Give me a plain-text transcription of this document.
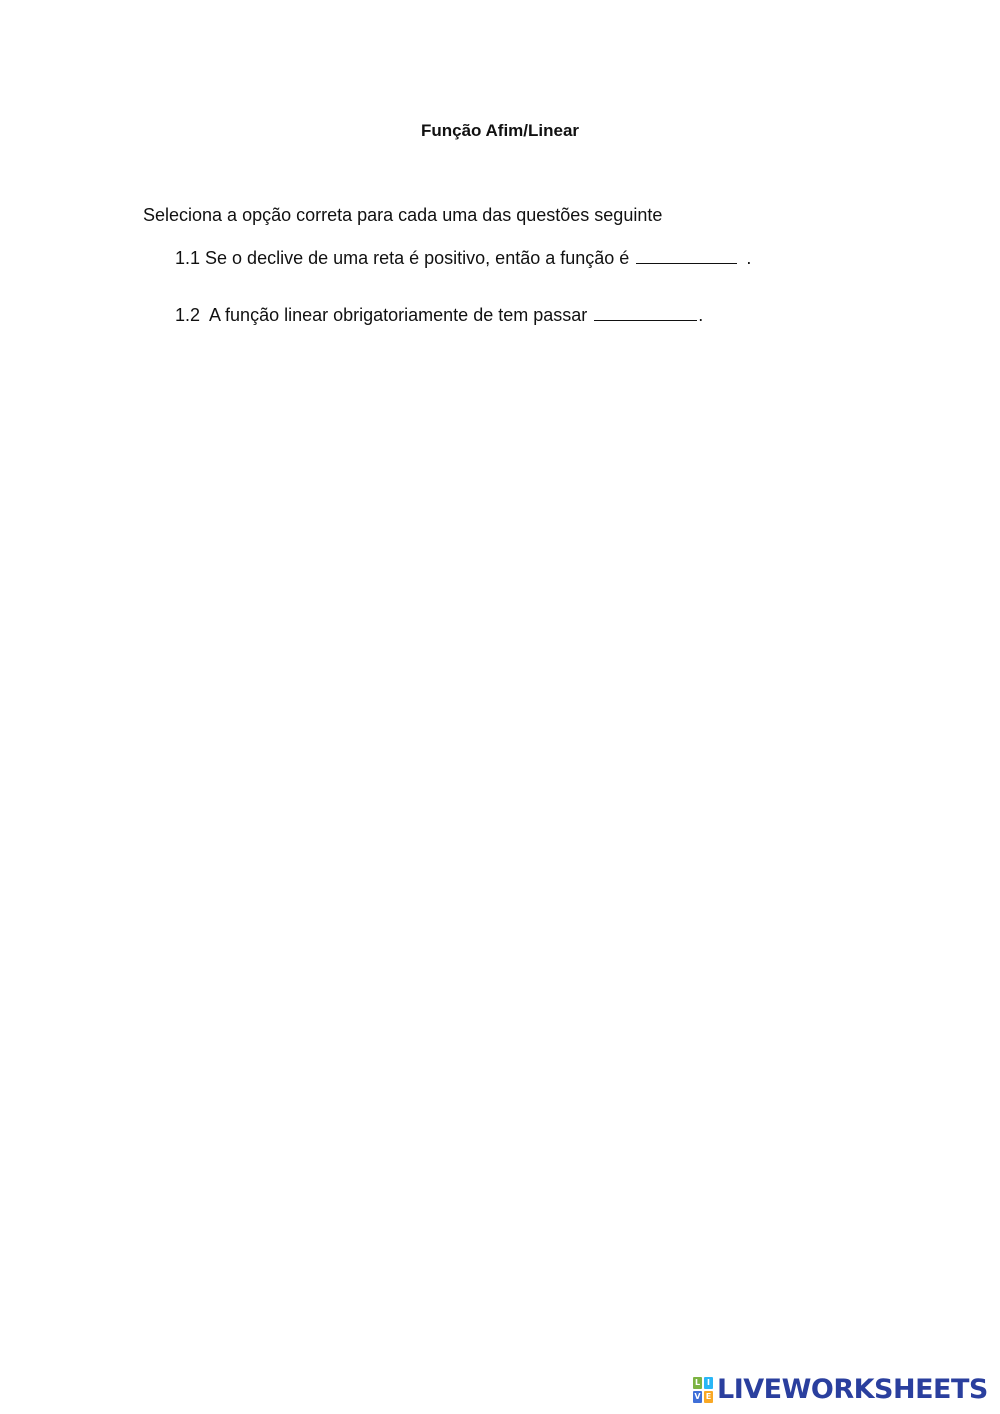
Função Afim/Linear
Seleciona a opção correta para cada uma das questões seguinte
1.1 Se o declive de uma reta é positivo, então a função é	.
1.2  A função linear obrigatoriamente de tem passar	.
L I
V E LIVEWORKSHEETS
